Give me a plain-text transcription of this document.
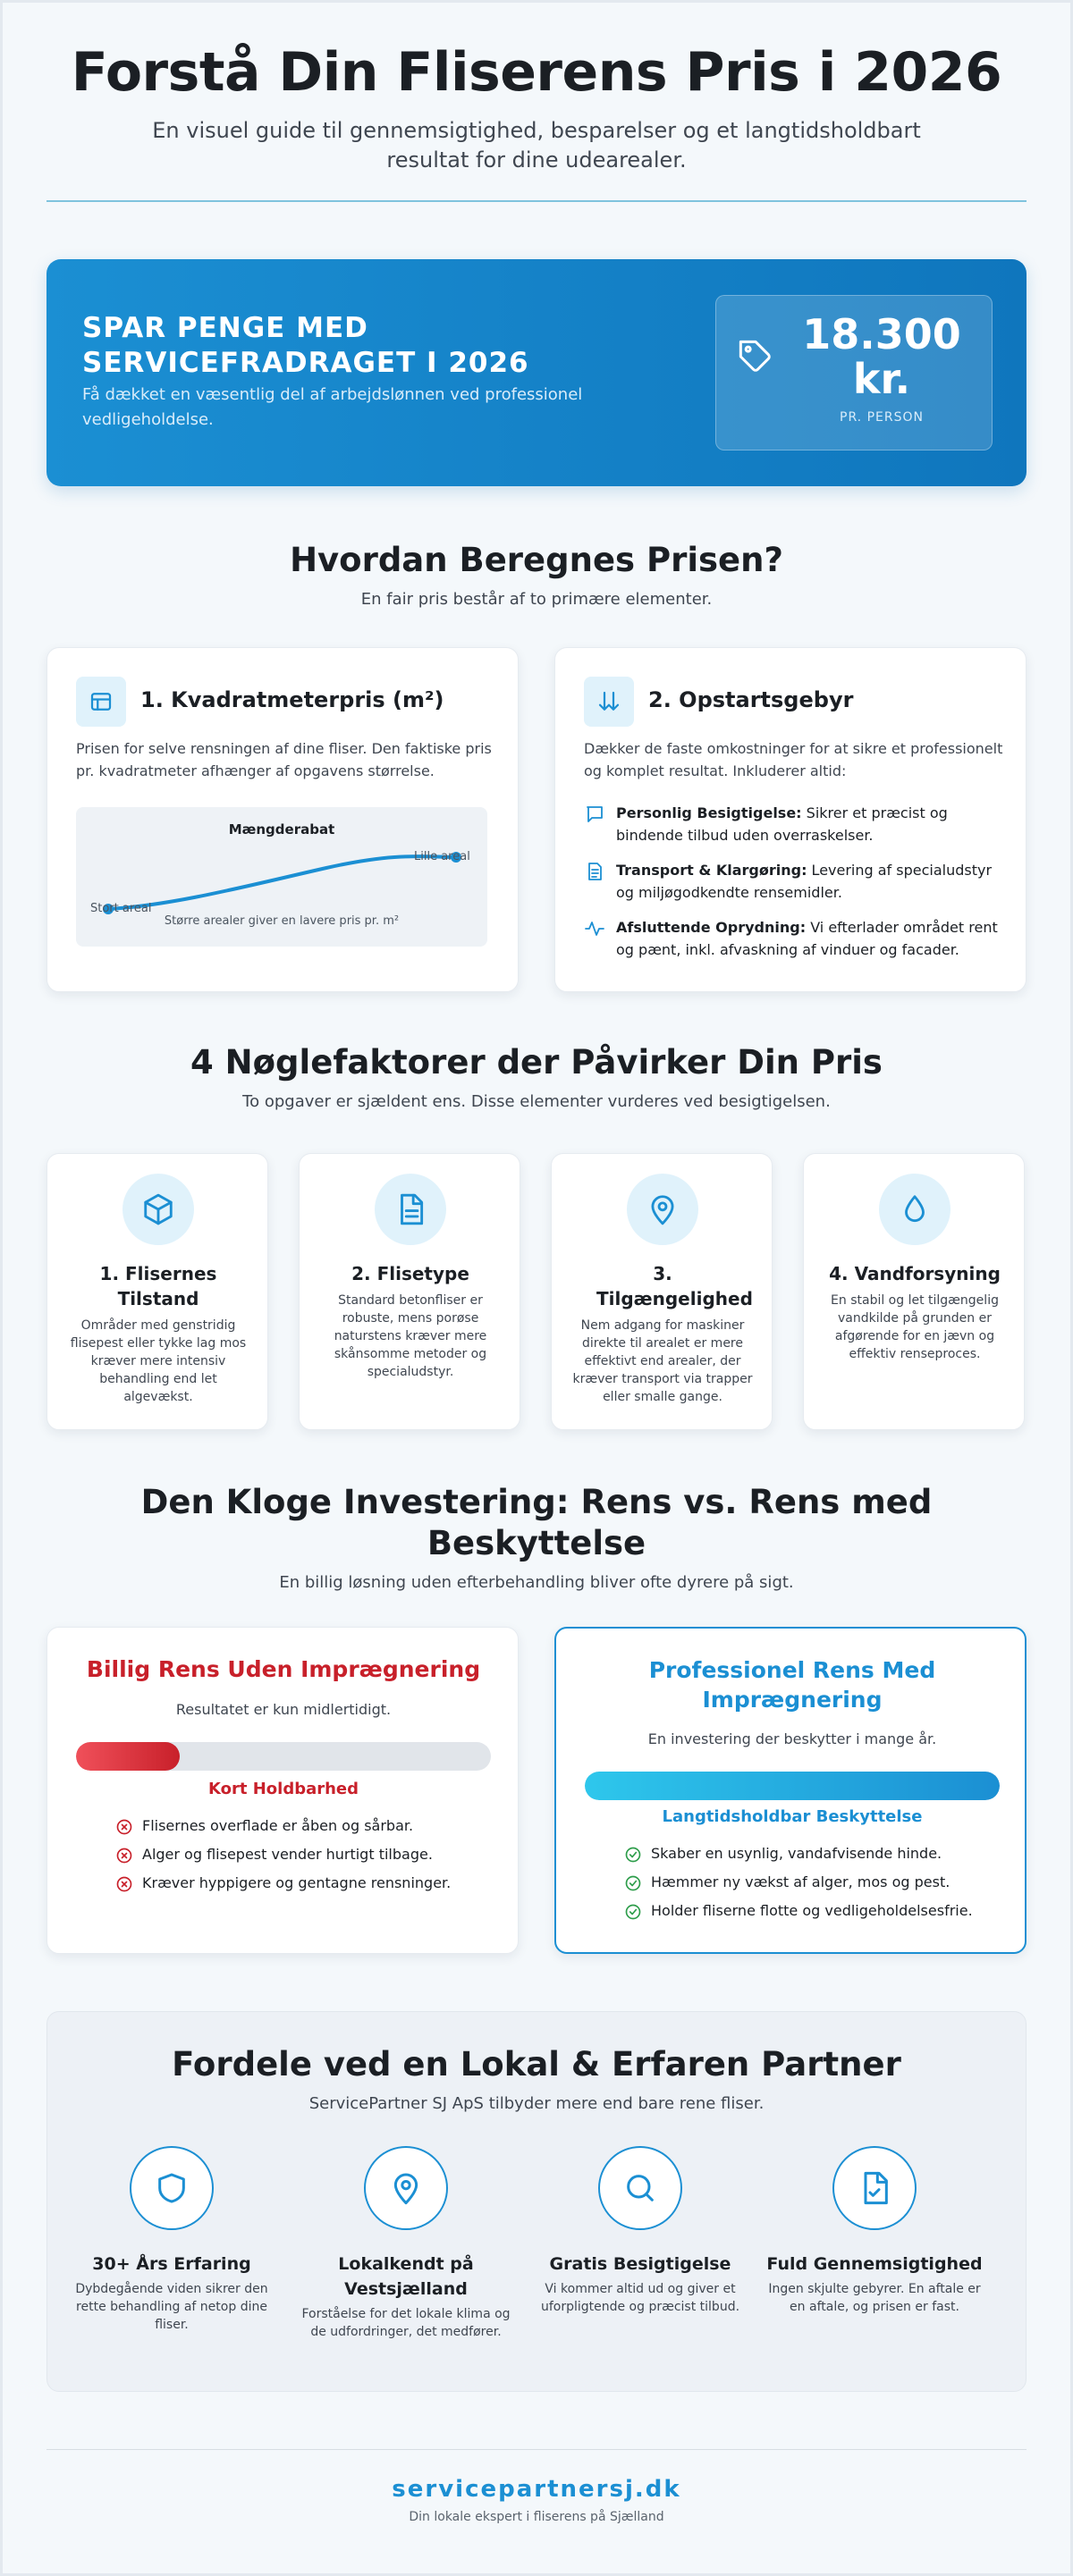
Forstå Din Fliserens Pris i 2026

En visuel guide til gennemsigtighed, besparelser og et langtidsholdbart resultat for dine udearealer.

SPAR PENGE MED SERVICEFRADRAGET I 2026
Få dækket en væsentlig del af arbejdslønnen ved professionel vedligeholdelse.
18.300 kr.
PR. PERSON
Hvordan Beregnes Prisen?
En fair pris består af to primære elementer.
1. Kvadratmeterpris (m²)
Prisen for selve rensningen af dine fliser. Den faktiske pris pr. kvadratmeter afhænger af opgavens størrelse.
Mængderabat
Stort areal
Lille areal
Større arealer giver en lavere pris pr. m²
2. Opstartsgebyr
Dækker de faste omkostninger for at sikre et professionelt og komplet resultat. Inkluderer altid:
Personlig Besigtigelse: Sikrer et præcist og bindende tilbud uden overraskelser.
Transport & Klargøring: Levering af specialudstyr og miljøgodkendte rensemidler.
Afsluttende Oprydning: Vi efterlader området rent og pænt, inkl. afvaskning af vinduer og facader.
4 Nøglefaktorer der Påvirker Din Pris
To opgaver er sjældent ens. Disse elementer vurderes ved besigtigelsen.
1. Flisernes Tilstand
Områder med genstridig flisepest eller tykke lag mos kræver mere intensiv behandling end let algevækst.
2. Flisetype
Standard betonfliser er robuste, mens porøse naturstens kræver mere skånsomme metoder og specialudstyr.
3. Tilgængelighed
Nem adgang for maskiner direkte til arealet er mere effektivt end arealer, der kræver transport via trapper eller smalle gange.
4. Vandforsyning
En stabil og let tilgængelig vandkilde på grunden er afgørende for en jævn og effektiv renseproces.
Den Kloge Investering: Rens vs. Rens med Beskyttelse
En billig løsning uden efterbehandling bliver ofte dyrere på sigt.
Billig Rens Uden Imprægnering
Resultatet er kun midlertidigt.
Kort Holdbarhed
Flisernes overflade er åben og sårbar.
Alger og flisepest vender hurtigt tilbage.
Kræver hyppigere og gentagne rensninger.
Professionel Rens Med Imprægnering
En investering der beskytter i mange år.
Langtidsholdbar Beskyttelse
Skaber en usynlig, vandafvisende hinde.
Hæmmer ny vækst af alger, mos og pest.
Holder fliserne flotte og vedligeholdelsesfrie.
Fordele ved en Lokal & Erfaren Partner
ServicePartner SJ ApS tilbyder mere end bare rene fliser.
30+ Års Erfaring
Dybdegående viden sikrer den rette behandling af netop dine fliser.
Lokalkendt på Vestsjælland
Forståelse for det lokale klima og de udfordringer, det medfører.
Gratis Besigtigelse
Vi kommer altid ud og giver et uforpligtende og præcist tilbud.
Fuld Gennemsigtighed
Ingen skjulte gebyrer. En aftale er en aftale, og prisen er fast.
servicepartnersj.dk
Din lokale ekspert i fliserens på Sjælland
